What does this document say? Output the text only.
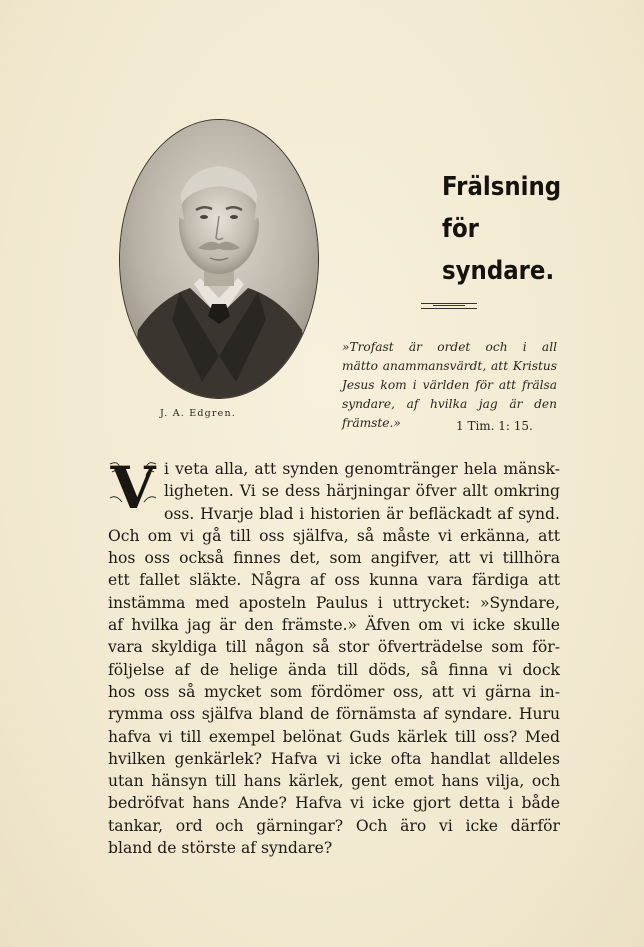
J. A. Edgren.
Frälsning
för
syndare.
»Trofast är ordet och i all
mätto anammansvärdt, att Kristus
Jesus kom i världen för att frälsa
syndare, af hvilka jag är den
främste.»	1 Tim. 1: 15.
V i veta alla, att synden genomtränger hela mänsk-
ligheten. Vi se dess härjningar öfver allt omkring
oss. Hvarje blad i historien är befläckadt af synd.
Och om vi gå till oss själfva, så måste vi erkänna, att
hos oss också finnes det, som angifver, att vi tillhöra
ett fallet släkte. Några af oss kunna vara färdiga att
instämma med aposteln Paulus i uttrycket: »Syndare,
af hvilka jag är den främste.» Äfven om vi icke skulle
vara skyldiga till någon så stor öfverträdelse som för-
följelse af de helige ända till döds, så finna vi dock
hos oss så mycket som fördömer oss, att vi gärna in-
rymma oss själfva bland de förnämsta af syndare. Huru
hafva vi till exempel belönat Guds kärlek till oss? Med
hvilken genkärlek? Hafva vi icke ofta handlat alldeles
utan hänsyn till hans kärlek, gent emot hans vilja, och
bedröfvat hans Ande? Hafva vi icke gjort detta i både
tankar, ord och gärningar? Och äro vi icke därför
bland de störste af syndare?
